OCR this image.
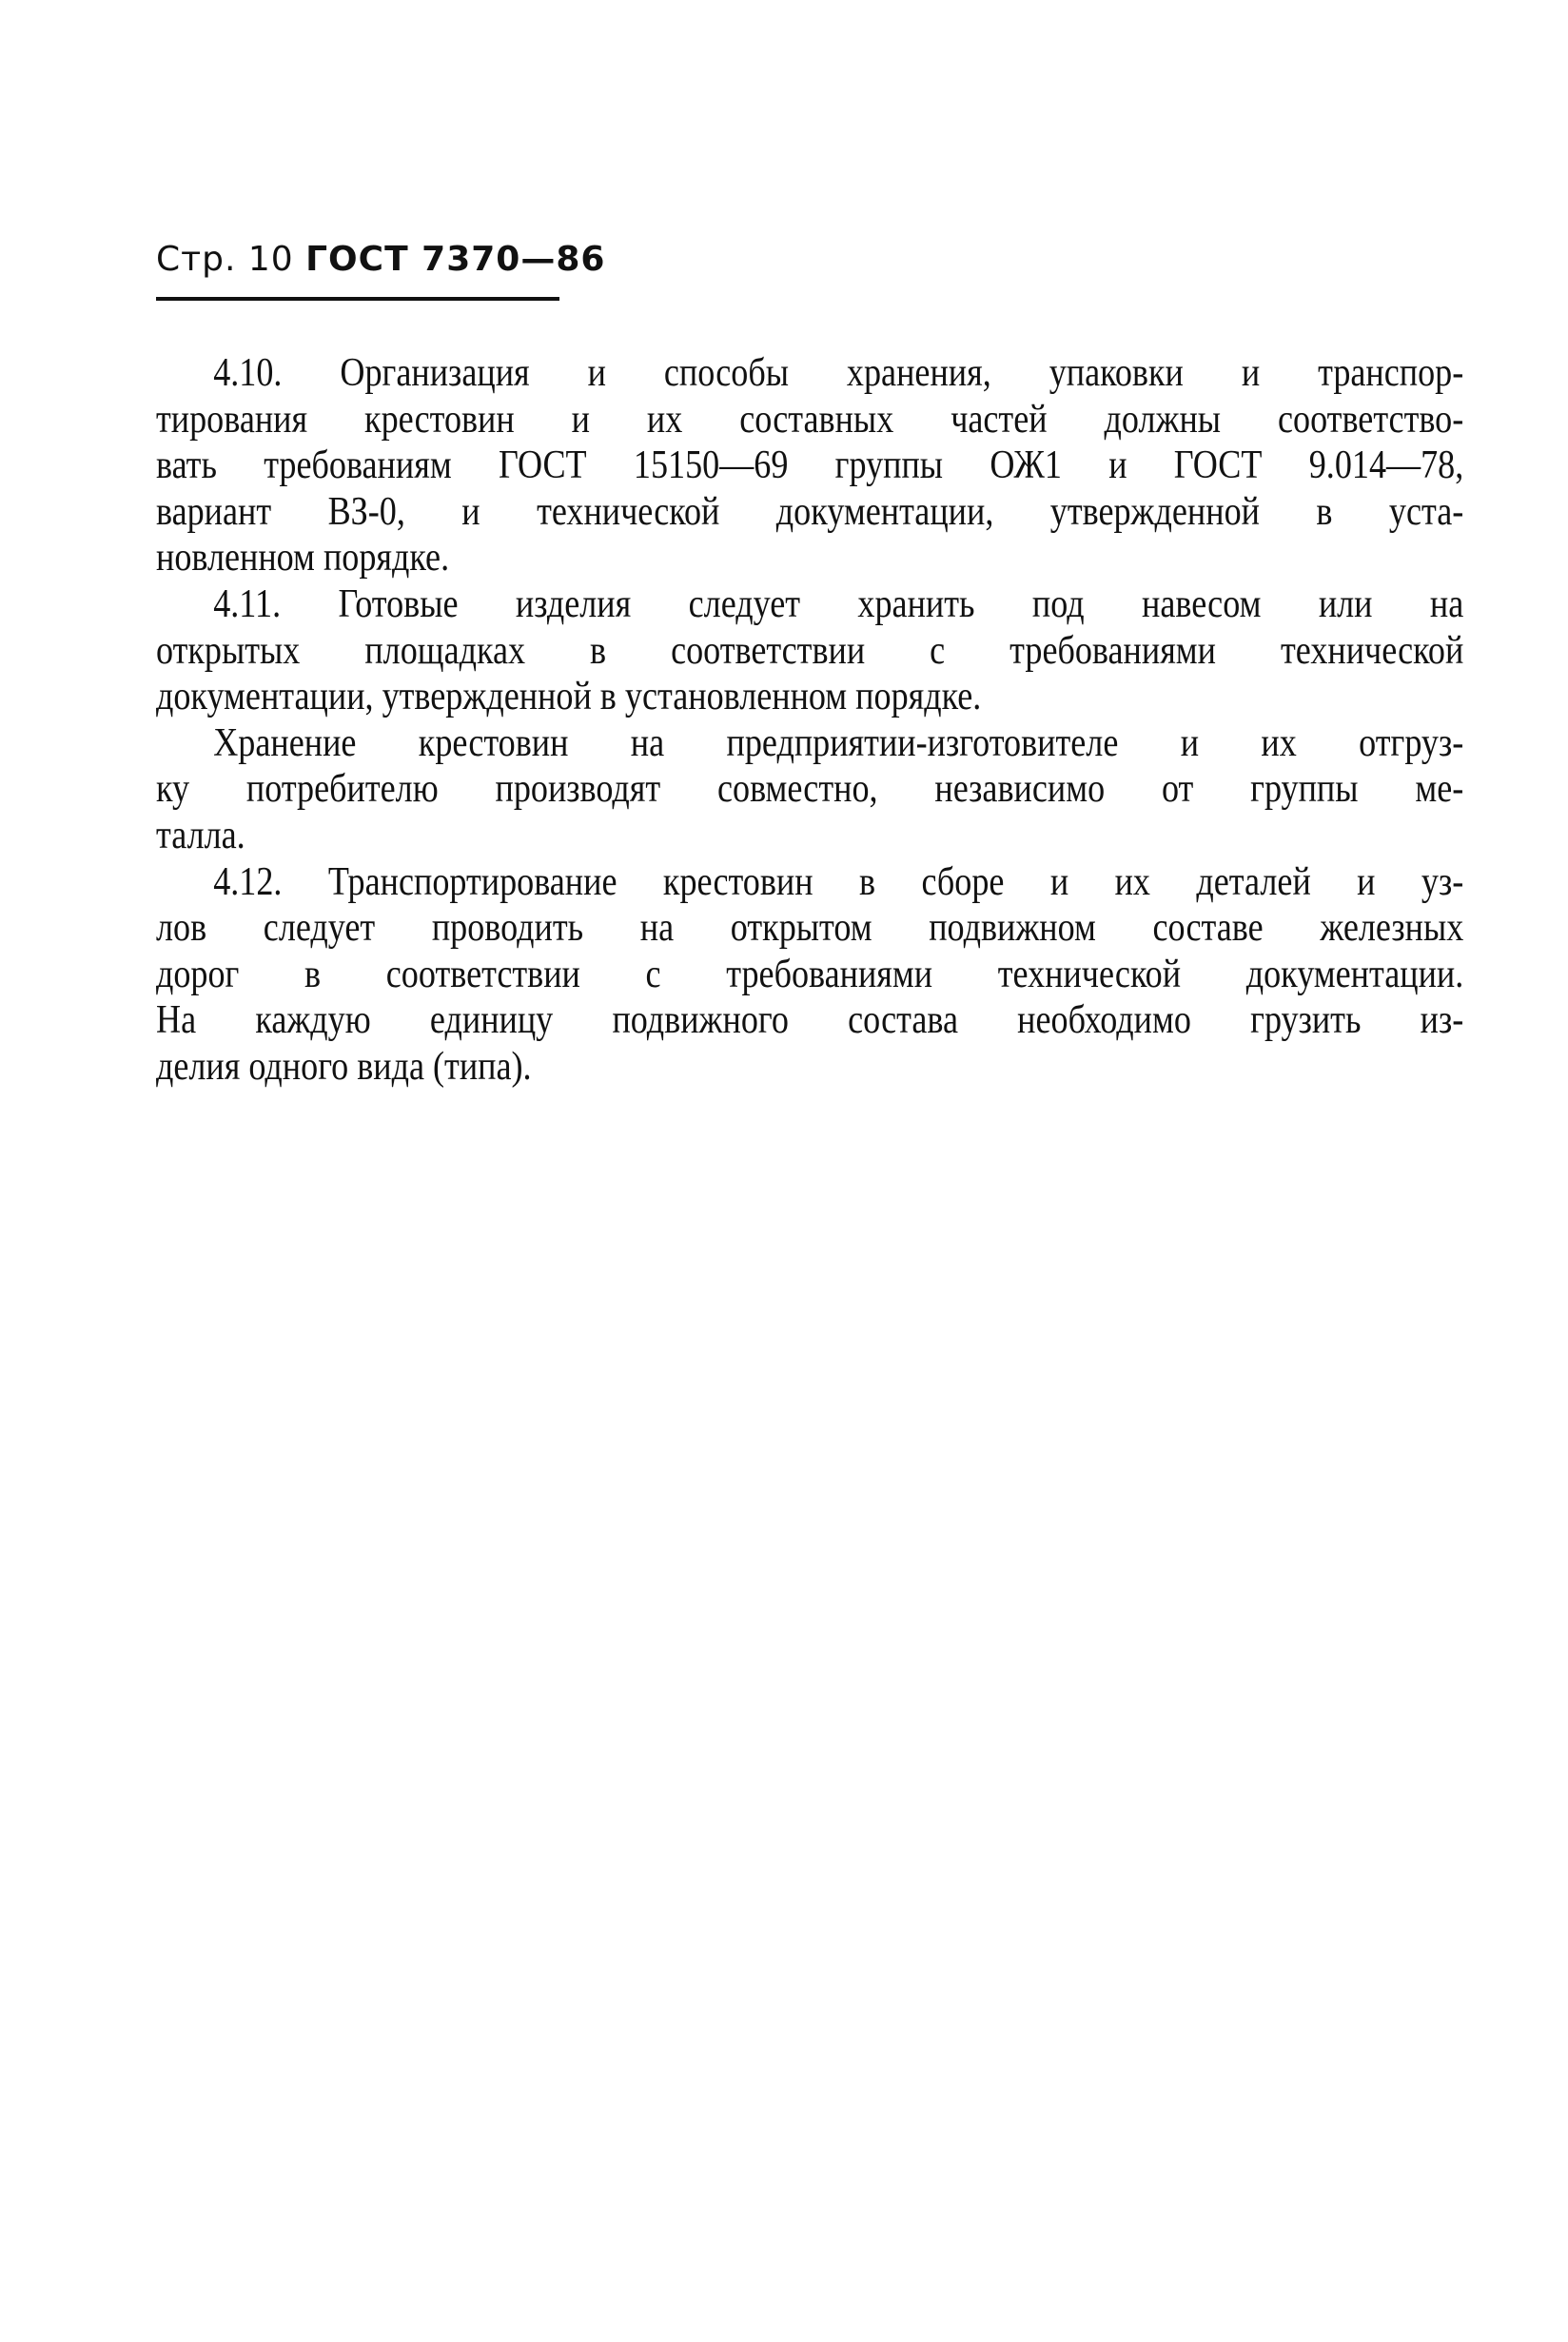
Стр. 10 ГОСТ 7370—86
4.10. Организация и способы хранения, упаковки и транспор-
тирования крестовин и их составных частей должны соответство-
вать требованиям ГОСТ 15150—69 группы ОЖ1 и ГОСТ 9.014—78,
вариант ВЗ-0, и технической документации, утвержденной в уста-
новленном порядке.
4.11. Готовые изделия следует хранить под навесом или на
открытых площадках в соответствии с требованиями технической
документации, утвержденной в установленном порядке.
Хранение крестовин на предприятии-изготовителе и их отгруз-
ку потребителю производят совместно, независимо от группы ме-
талла.
4.12. Транспортирование крестовин в сборе и их деталей и уз-
лов следует проводить на открытом подвижном составе железных
дорог в соответствии с требованиями технической документации.
На каждую единицу подвижного состава необходимо грузить из-
делия одного вида (типа).
